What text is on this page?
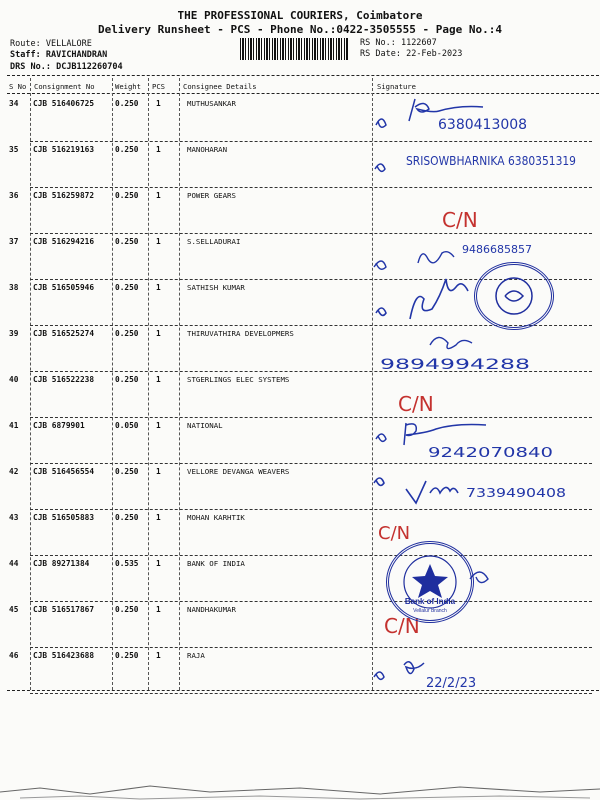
THE PROFESSIONAL COURIERS, Coimbatore
Delivery Runsheet - PCS - Phone No.:0422-3505555 - Page No.:4
Route: VELLALORE
Staff: RAVICHANDRAN
DRS No.: DCJB112260704
RS No.: 1122607
RS Date: 22-Feb-2023
S No Consignment No	Weight PCS	Consignee Details	Signature
34 CJB 516406725	0.250 1	MUTHUSANKAR
6380413008
35 CJB 516219163	0.250 1	MANOHARAN
SRISOWBHARNIKA 6380351319
36 CJB 516259872	0.250 1	POWER GEARS
C/N
37 CJB 516294216	0.250 1	S.SELLADURAI
9486685857
38 CJB 516505946	0.250 1	SATHISH KUMAR
39 CJB 516525274	0.250 1	THIRUVATHIRA DEVELOPMERS
9894994288
40 CJB 516522238	0.250 1	STGERLINGS ELEC SYSTEMS
C/N
41 CJB 6879901	0.050 1	NATIONAL
9242070840
42 CJB 516456554	0.250 1	VELLORE DEVANGA WEAVERS
7339490408
43 CJB 516505883	0.250 1	MOHAN KARHTIK
C/N
44 CJB 89271384	0.535 1	BANK OF INDIA
45 CJB 516517867	0.250 1	NANDHAKUMAR
C/N
46 CJB 516423688	0.250 1	RAJA
22/2/23
Bank of India
Vellalur Branch
